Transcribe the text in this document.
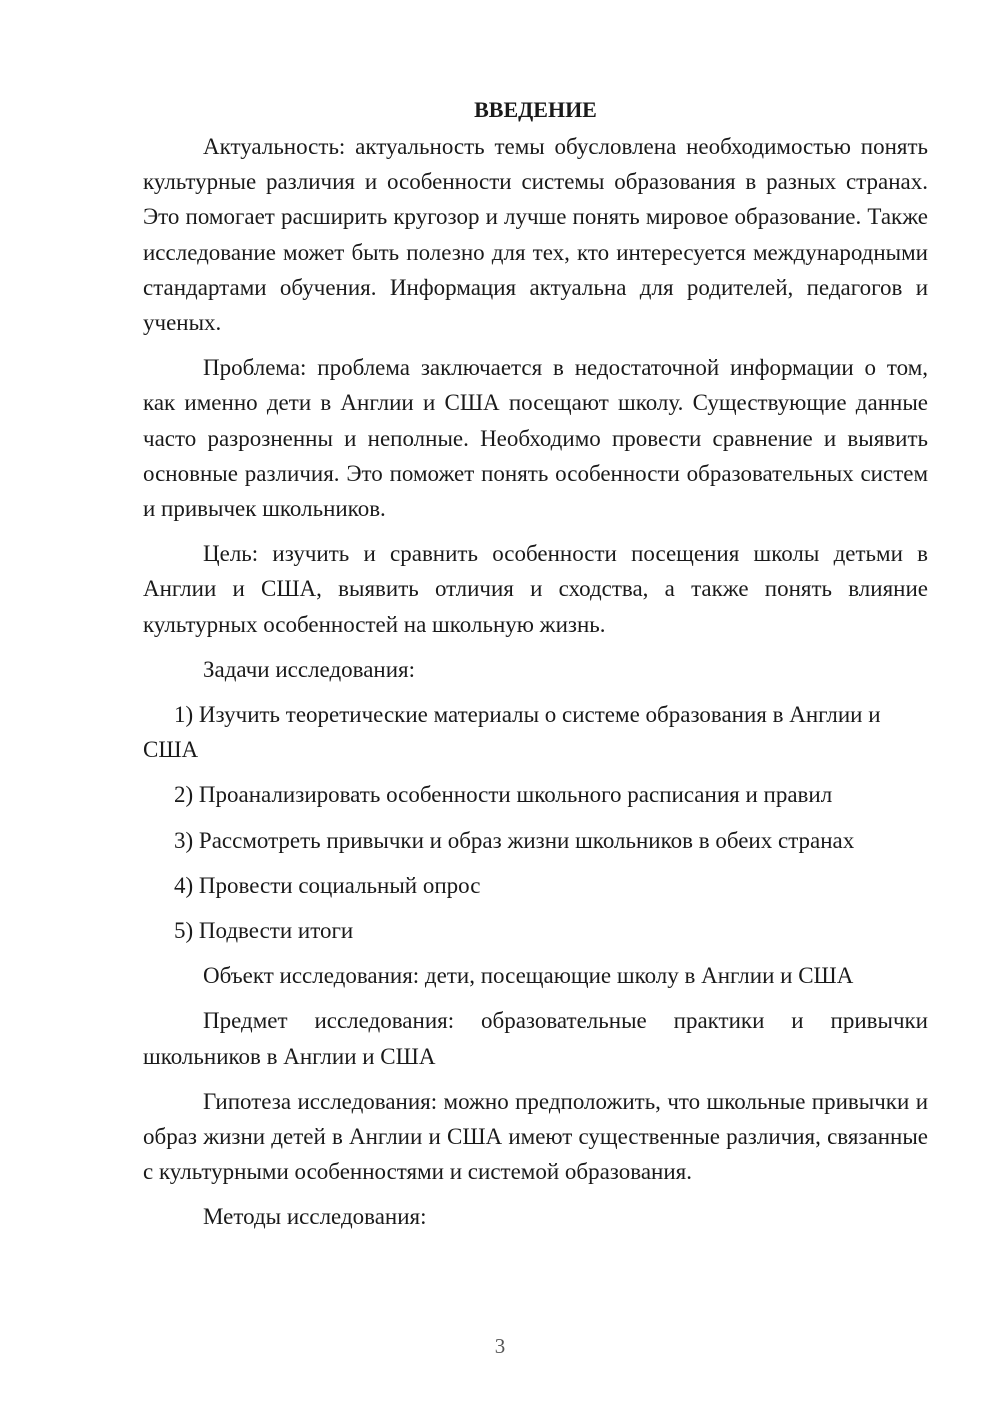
ВВЕДЕНИЕ

Актуальность: актуальность темы обусловлена необходимостью понять культурные различия и особенности системы образования в разных странах. Это помогает расширить кругозор и лучше понять мировое образование. Также исследование может быть полезно для тех, кто интересуется международными стандартами обучения. Информация актуальна для родителей, педагогов и ученых.

Проблема: проблема заключается в недостаточной информации о том, как именно дети в Англии и США посещают школу. Существующие данные часто разрозненны и неполные. Необходимо провести сравнение и выявить основные различия. Это поможет понять особенности образовательных систем и привычек школьников.

Цель: изучить и сравнить особенности посещения школы детьми в Англии и США, выявить отличия и сходства, а также понять влияние культурных особенностей на школьную жизнь.

Задачи исследования:

1) Изучить теоретические материалы о системе образования в Англии и США

2) Проанализировать особенности школьного расписания и правил

3) Рассмотреть привычки и образ жизни школьников в обеих странах

4) Провести социальный опрос

5) Подвести итоги

Объект исследования: дети, посещающие школу в Англии и США

Предмет исследования: образовательные практики и привычки школьников в Англии и США

Гипотеза исследования: можно предположить, что школьные привычки и образ жизни детей в Англии и США имеют существенные различия, связанные с культурными особенностями и системой образования.

Методы исследования:

3
